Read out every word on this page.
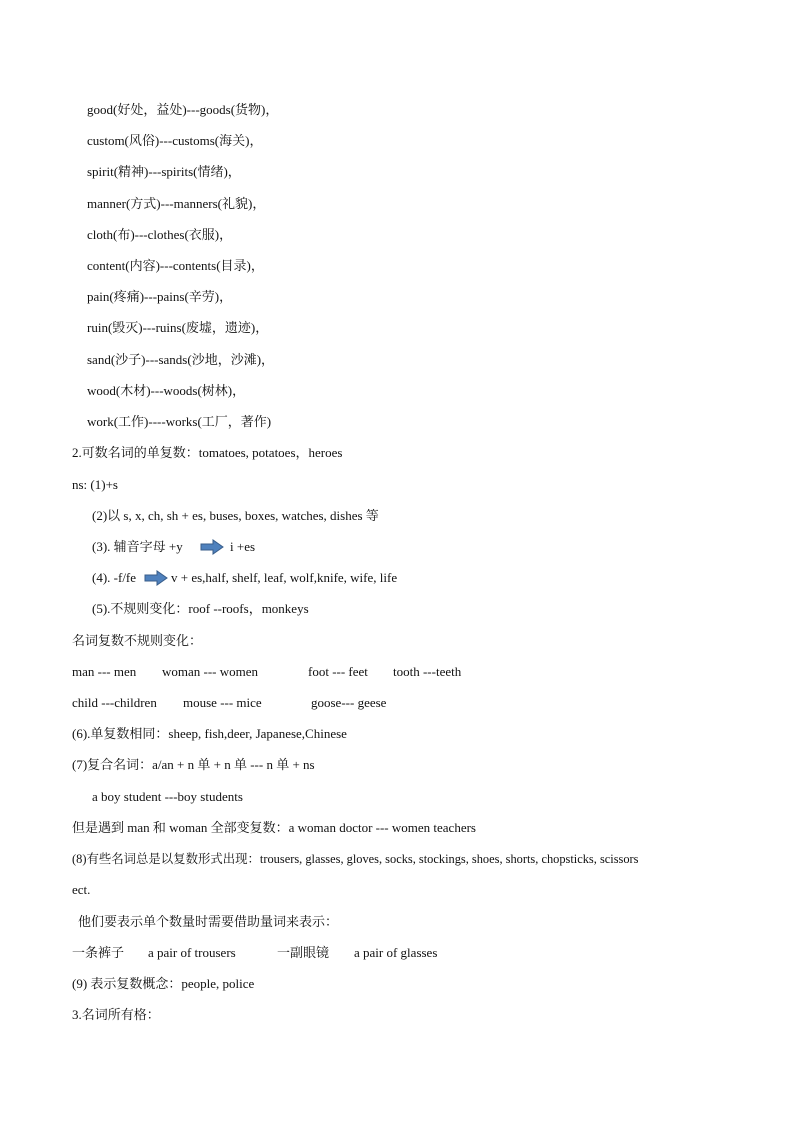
good(好处，益处)---goods(货物)，
custom(风俗)---customs(海关)，
spirit(精神)---spirits(情绪)，
manner(方式)---manners(礼貌)，
cloth(布)---clothes(衣服)，
content(内容)---contents(目录)，
pain(疼痛)---pains(辛劳)，
ruin(毁灭)---ruins(废墟，遗迹)，
sand(沙子)---sands(沙地，沙滩)，
wood(木材)---woods(树林)，
work(工作)----works(工厂，著作)
2.可数名词的单复数：tomatoes, potatoes，heroes
ns: (1)+s
(2)以 s, x, ch, sh + es, buses, boxes, watches, dishes 等
(3). 辅音字母 +y	i +es
(4). -f/fe	v + es,half, shelf, leaf, wolf,knife, wife, life
(5).不规则变化：roof --roofs，monkeys
名词复数不规则变化：
man --- men woman --- women	foot --- feet tooth ---teeth
child ---children mouse --- mice	goose--- geese
(6).单复数相同：sheep, fish,deer, Japanese,Chinese
(7)复合名词：a/an + n 单 + n 单 --- n 单 + ns
a boy student ---boy students
但是遇到 man 和 woman 全部变复数：a woman doctor --- women teachers
(8)有些名词总是以复数形式出现：trousers, glasses, gloves, socks, stockings, shoes, shorts, chopsticks, scissors
ect.
他们要表示单个数量时需要借助量词来表示：
一条裤子 a pair of trousers	一副眼镜 a pair of glasses
(9) 表示复数概念：people, police
3.名词所有格：
